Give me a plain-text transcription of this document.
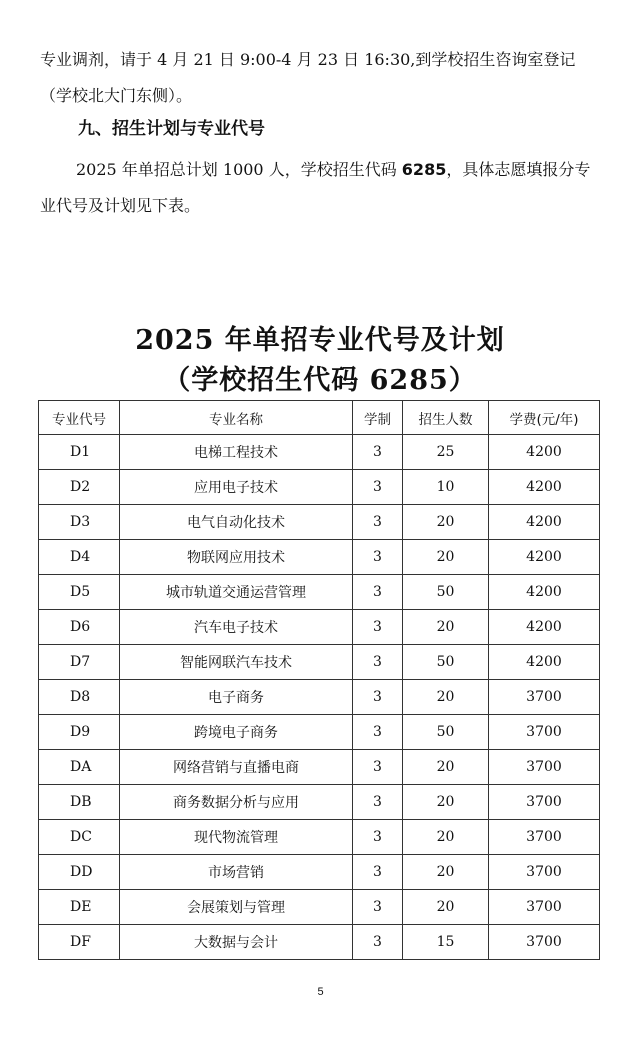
专业调剂，请于 4 月 21 日 9:00-4 月 23 日 16:30,到学校招生咨询室登记（学校北大门东侧）。

九、招生计划与专业代号

2025 年单招总计划 1000 人，学校招生代码 6285，具体志愿填报分专业代号及计划见下表。

2025 年单招专业代号及计划
（学校招生代码 6285）
专业代号	专业名称	学制	招生人数	学费(元/年)
D1	电梯工程技术	3	25	4200
D2	应用电子技术	3	10	4200
D3	电气自动化技术	3	20	4200
D4	物联网应用技术	3	20	4200
D5	城市轨道交通运营管理	3	50	4200
D6	汽车电子技术	3	20	4200
D7	智能网联汽车技术	3	50	4200
D8	电子商务	3	20	3700
D9	跨境电子商务	3	50	3700
DA	网络营销与直播电商	3	20	3700
DB	商务数据分析与应用	3	20	3700
DC	现代物流管理	3	20	3700
DD	市场营销	3	20	3700
DE	会展策划与管理	3	20	3700
DF	大数据与会计	3	15	3700
5
